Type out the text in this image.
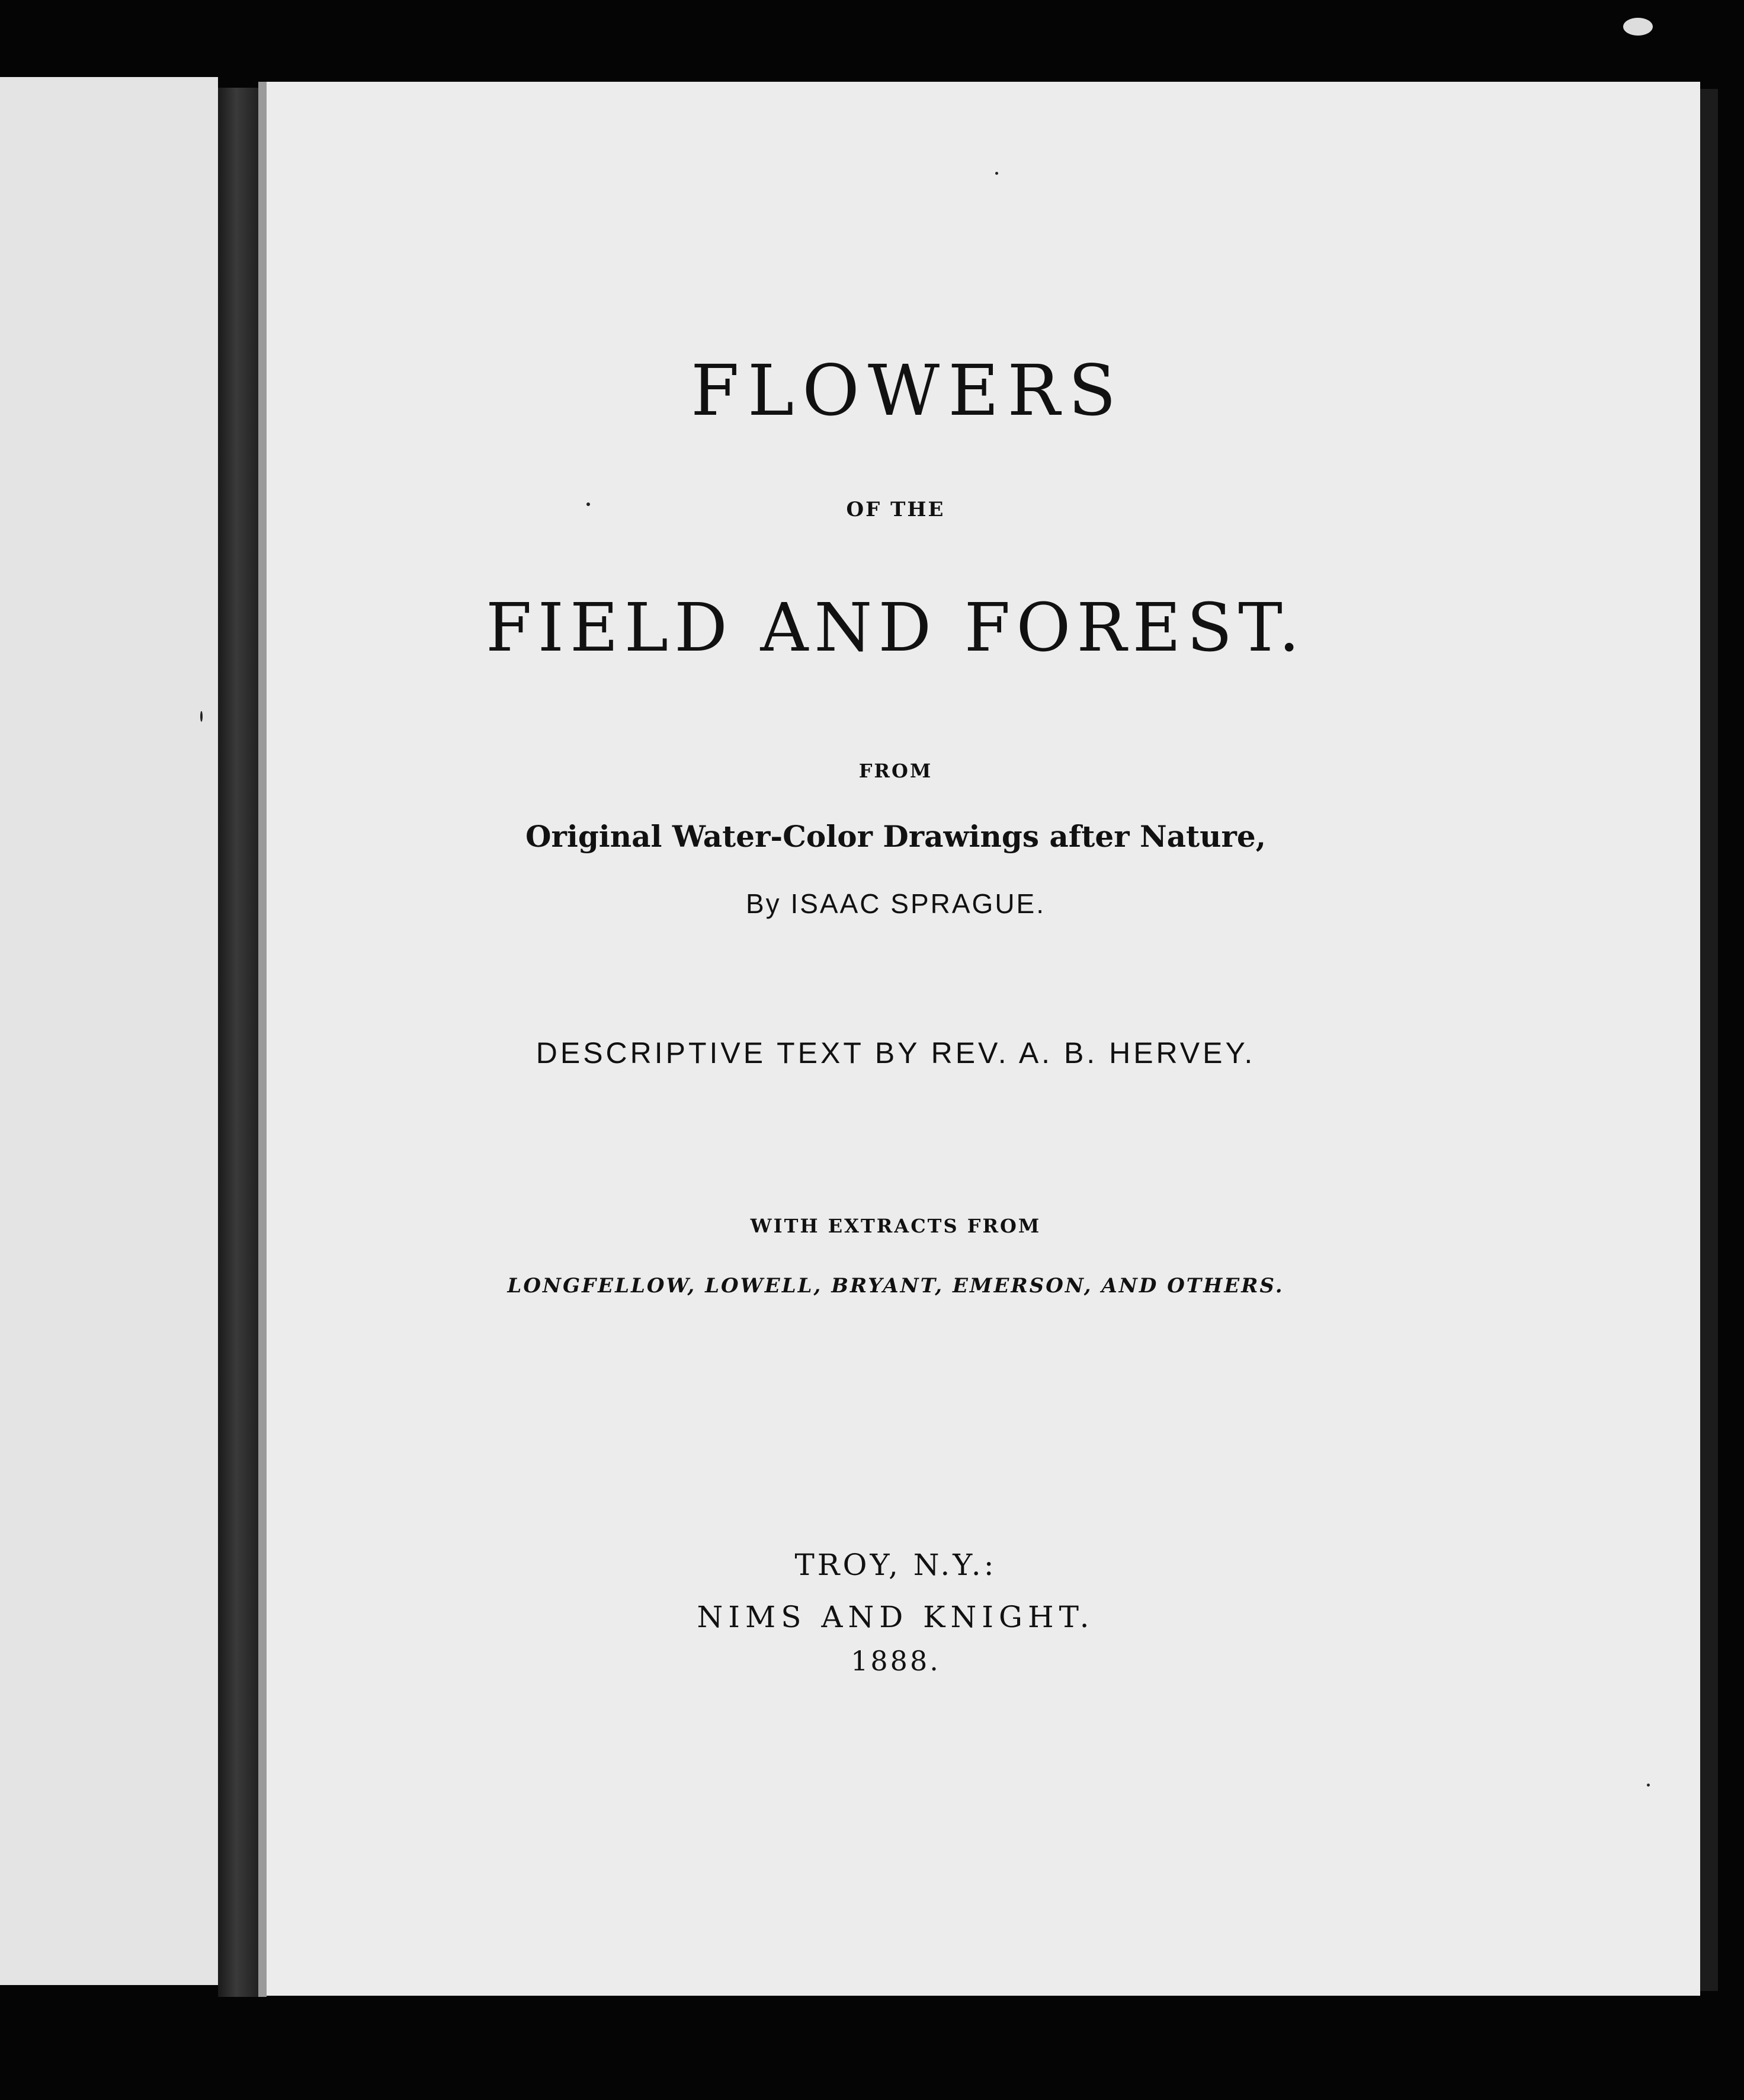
FLOWERS
OF THE
FIELD AND FOREST.
FROM
Original Water-Color Drawings after Nature,
By ISAAC SPRAGUE.
DESCRIPTIVE TEXT BY REV. A. B. HERVEY.
WITH EXTRACTS FROM
LONGFELLOW, LOWELL, BRYANT, EMERSON, AND OTHERS.
TROY, N.Y.:
NIMS AND KNIGHT.
1888.
